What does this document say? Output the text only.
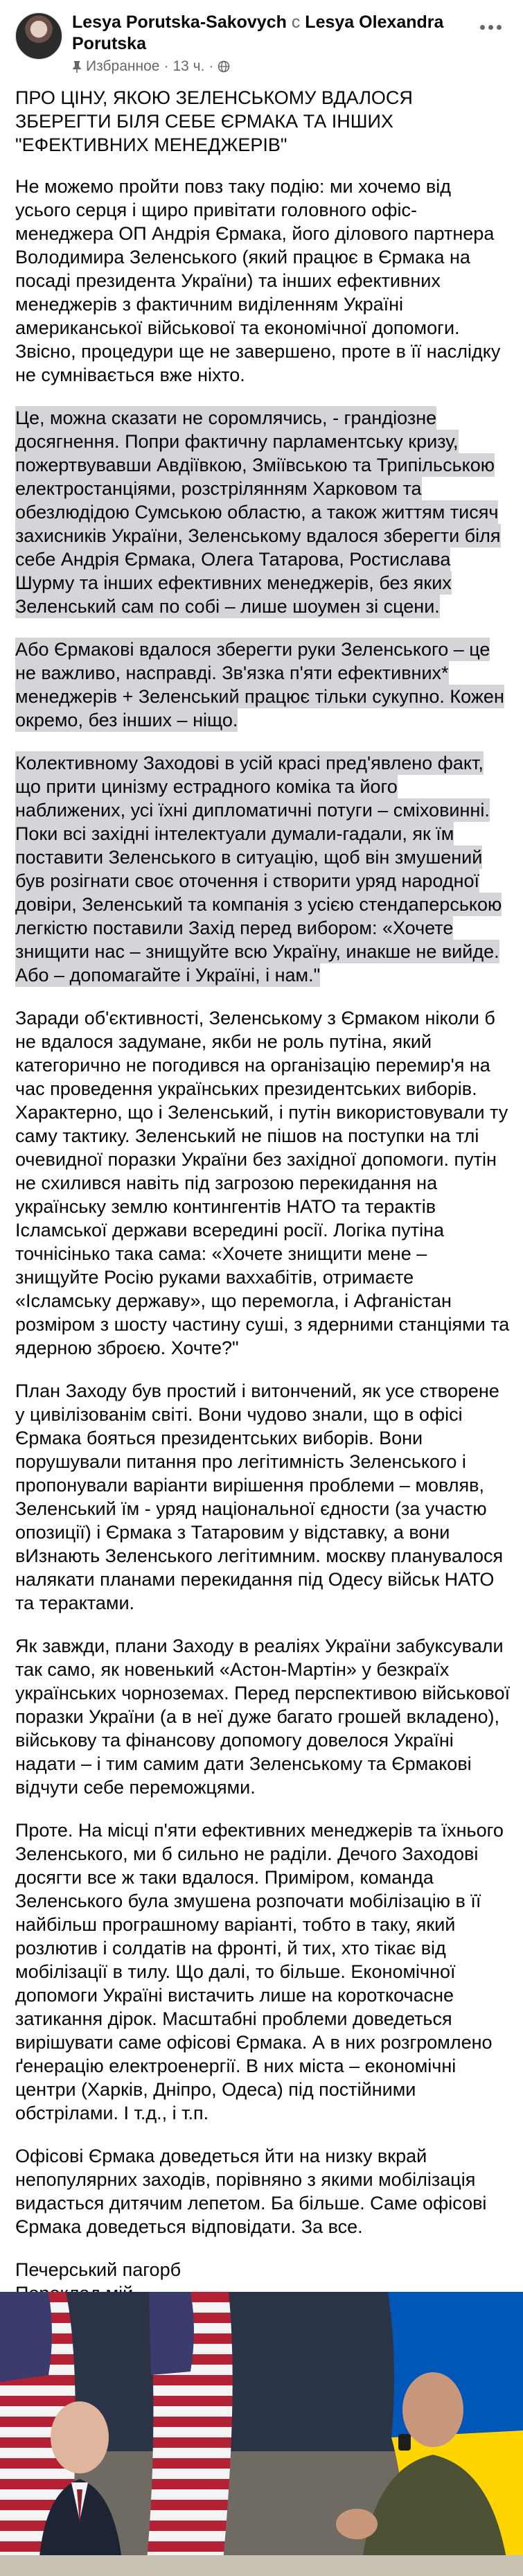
Lesya Porutska-Sakovych с Lesya Olexandra Porutska
Избранное · 13 ч. ·

ПРО ЦІНУ, ЯКОЮ ЗЕЛЕНСЬКОМУ ВДАЛОСЯ ЗБЕРЕГТИ БІЛЯ СЕБЕ ЄРМАКА ТА ІНШИХ "ЕФЕКТИВНИХ МЕНЕДЖЕРІВ"

Не можемо пройти повз таку подію: ми хочемо від усього серця і щиро привітати головного офіс-менеджера ОП Андрія Єрмака, його ділового партнера Володимира Зеленського (який працює в Єрмака на посаді президента України) та інших ефективних менеджерів з фактичним виділенням Україні американської військової та економічної допомоги. Звісно, процедури ще не завершено, проте в її наслідку не сумніваєтьcя вже ніхто.

Це, можна сказати не соромлячись, - грандіозне досягнення. Попри фактичну парламентську кризу, пожертвувавши Авдіївкою, Зміївською та Трипільською електростанціями, розстрілянням Харковом та обезлюдідою Сумською областю, а також життям тисяч захисників України, Зеленському вдалося зберегти біля себе Андрія Єрмака, Олега Татарова, Ростислава Шурму та інших ефективних менеджерів, без яких Зеленський сам по собі – лише шоумен зі сцени.

Або Єрмакові вдалося зберегти руки Зеленського – це не важливо, насправді. Зв'язка п'яти ефективних* менеджерів + Зеленський працює тільки сукупно. Кожен окремо, без інших – ніщо.

Колективному Заходові в усій красі пред'явлено факт, що прити цинізму естрадного коміка та його наближених, усі їхні дипломатичні потуги – сміховинні. Поки всі західні інтелектуали думали-гадали, як їм поставити Зеленського в ситуацію, щоб він змушений був розігнати своє оточення і створити уряд народної довіри, Зеленський та компанія з усією стендаперською легкістю поставили Захід перед вибором: «Хочете знищити нас – знищуйте всю Україну, инакше не вийде. Або – допомагайте і Україні, і нам."

Заради об'єктивності, Зеленському з Єрмаком ніколи б не вдалося задумане, якби не роль путіна, який категорично не погодився на організацію перемир'я на час проведення українських президентських виборів. Характерно, що і Зеленський, і путін використовували ту саму тактику. Зеленський не пішов на поступки на тлі очевидної поразки України без західної допомоги. путін не схилився навіть під загрозою перекидання на українську землю контингентів НАТО та терактів Ісламської держави всередині росії. Логіка путіна точнісінько така сама: «Хочете знищити мене – знищуйте Росію руками ваххабітів, отримаєте «Ісламську державу», що перемогла, і Афганістан розміром з шосту частину суші, з ядерними станціями та ядерною зброєю. Хочте?"

План Заходу був простий і витончений, як усе створене у цивілізованім світі. Вони чудово знали, що в офісі Єрмака бояться президентських виборів. Вони порушували питання про легітимність Зеленського і пропонували варіанти вирішення проблеми – мовляв, Зеленський їм - уряд національної єдности (за участю опозиції) і Єрмака з Татаровим у відставку, а вони вИзнають Зеленського легітимним. москву планувалося налякати планами перекидання під Одесу військ НАТО та терактами.

Як завжди, плани Заходу в реаліях України забуксували так само, як новенький «Астон-Мартін» у безкраїх українських чорноземах. Перед перспективою військової поразки України (а в неї дуже багато грошей вкладено), військову та фінансову допомогу довелося Україні надати – і тим самим дати Зеленському та Єрмакові відчути себе переможцями.

Проте. На місці п'яти ефективних менеджерів та їхнього Зеленського, ми б сильно не раділи. Дечого Заходові досягти все ж таки вдалося. Приміром, команда Зеленського була змушена розпочати мобілізацію в її найбільш програшному варіанті, тобто в таку, який розлютив і солдатів на фронті, й тих, хто тікає від мобілізації в тилу. Що далі, то більше. Економічної допомоги Україні вистачить лише на короткочасне затикання дірок. Масштабні проблеми доведеться вирішувати саме офісові Єрмака. А в них розгромлено ґенерацію електроенергії. В них міста – економічні центри (Харків, Дніпро, Одеса) під постійними обстрілами. І т.д., і т.п.

Офісові Єрмака доведеться йти на низку вкрай непопулярних заходів, порівняно з якими мобілізація видасться дитячим лепетом. Ба більше. Саме офісові Єрмака доведеться відповідати. За все.

Печерський пагорб
